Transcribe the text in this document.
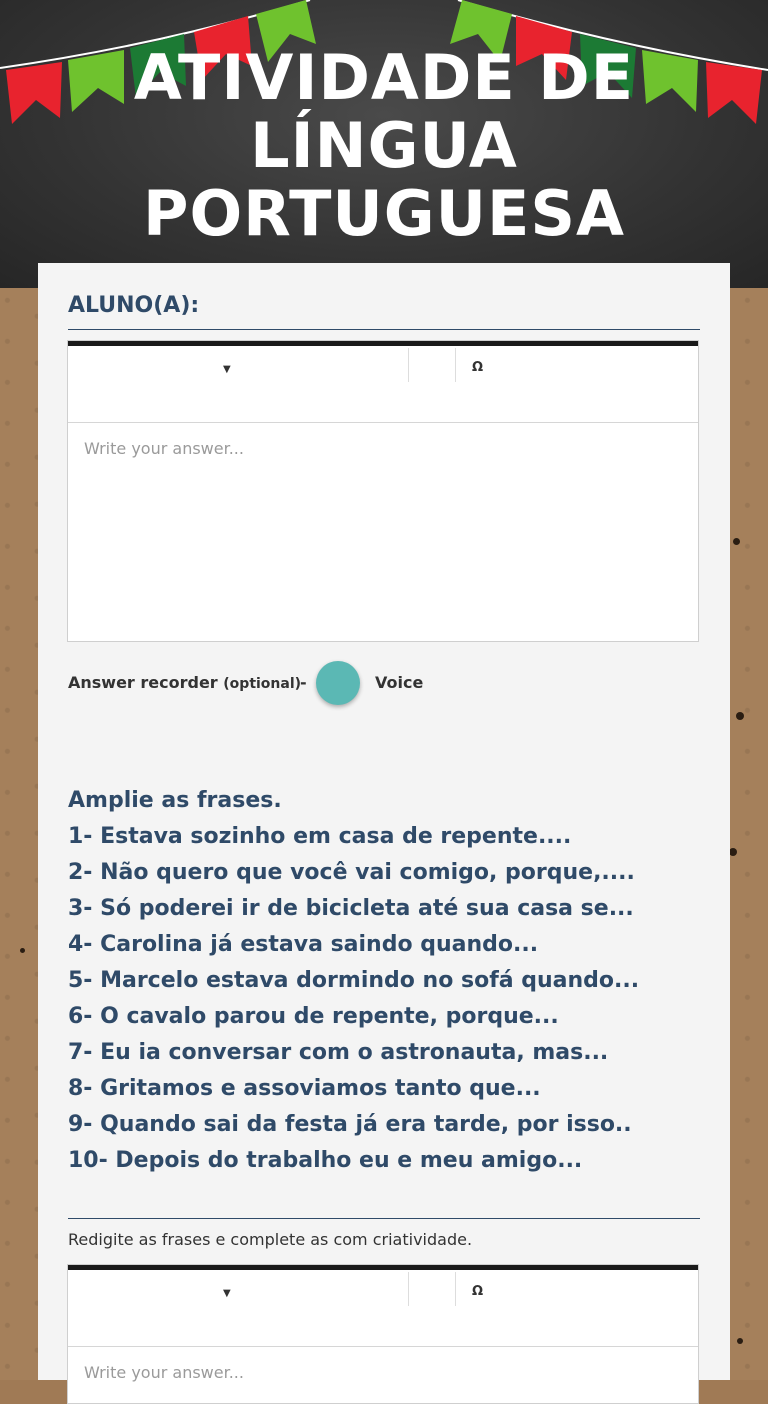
ATIVIDADE DE
LÍNGUA
PORTUGUESA
ALUNO(A):
▼	Ω
Write your answer...
Answer recorder (optional)
-	Voice
Amplie as frases.
1- Estava sozinho em casa de repente....
2- Não quero que você vai comigo, porque,....
3- Só poderei ir de bicicleta até sua casa se...
4- Carolina já estava saindo quando...
5- Marcelo estava dormindo no sofá quando...
6- O cavalo parou de repente, porque...
7- Eu ia conversar com o astronauta, mas...
8- Gritamos e assoviamos tanto que...
9- Quando sai da festa já era tarde, por isso..
10- Depois do trabalho eu e meu amigo...
Redigite as frases e complete as com criatividade.
▼	Ω
Write your answer...
